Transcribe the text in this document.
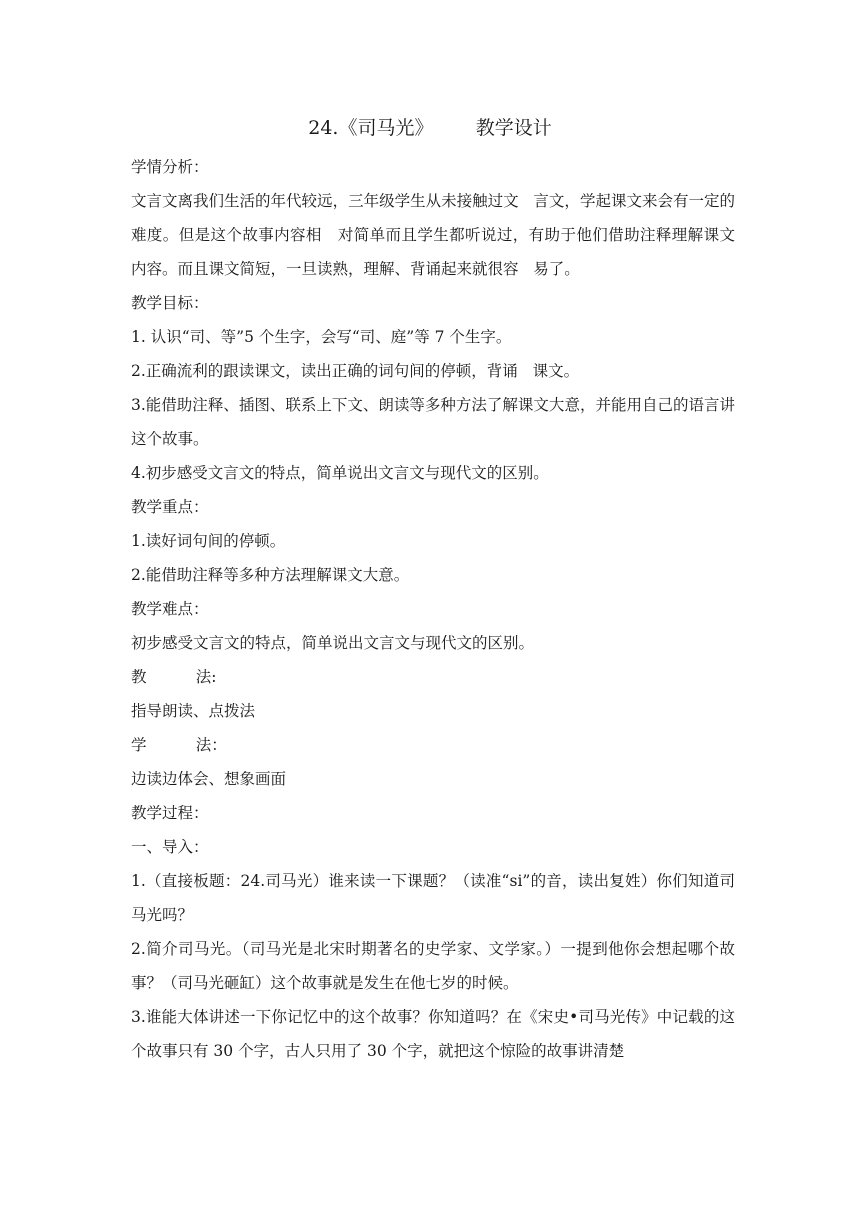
24.《司马光》       教学设计

学情分析：

文言文离我们生活的年代较远，三年级学生从未接触过文   言文，学起课文来会有一定的难度。但是这个故事内容相   对简单而且学生都听说过，有助于他们借助注释理解课文   内容。而且课文简短，一旦读熟，理解、背诵起来就很容   易了。

教学目标：

1. 认识“司、等”5 个生字，会写“司、庭”等 7 个生字。

2.正确流利的跟读课文，读出正确的词句间的停顿，背诵   课文。

3.能借助注释、插图、联系上下文、朗读等多种方法了解课文大意，并能用自己的语言讲这个故事。

4.初步感受文言文的特点，简单说出文言文与现代文的区别。

教学重点：

1.读好词句间的停顿。

2.能借助注释等多种方法理解课文大意。

教学难点：

初步感受文言文的特点，简单说出文言文与现代文的区别。

教          法:

指导朗读、点拨法

学          法：

边读边体会、想象画面

教学过程：

一、导入：

1.（直接板题：24.司马光）谁来读一下课题？（读准“si”的音，读出复姓）你们知道司马光吗？

2.简介司马光。（司马光是北宋时期著名的史学家、文学家。）一提到他你会想起哪个故事？（司马光砸缸）这个故事就是发生在他七岁的时候。

3.谁能大体讲述一下你记忆中的这个故事？你知道吗？在《宋史•司马光传》中记载的这个故事只有 30 个字，古人只用了 30 个字，就把这个惊险的故事讲清楚
